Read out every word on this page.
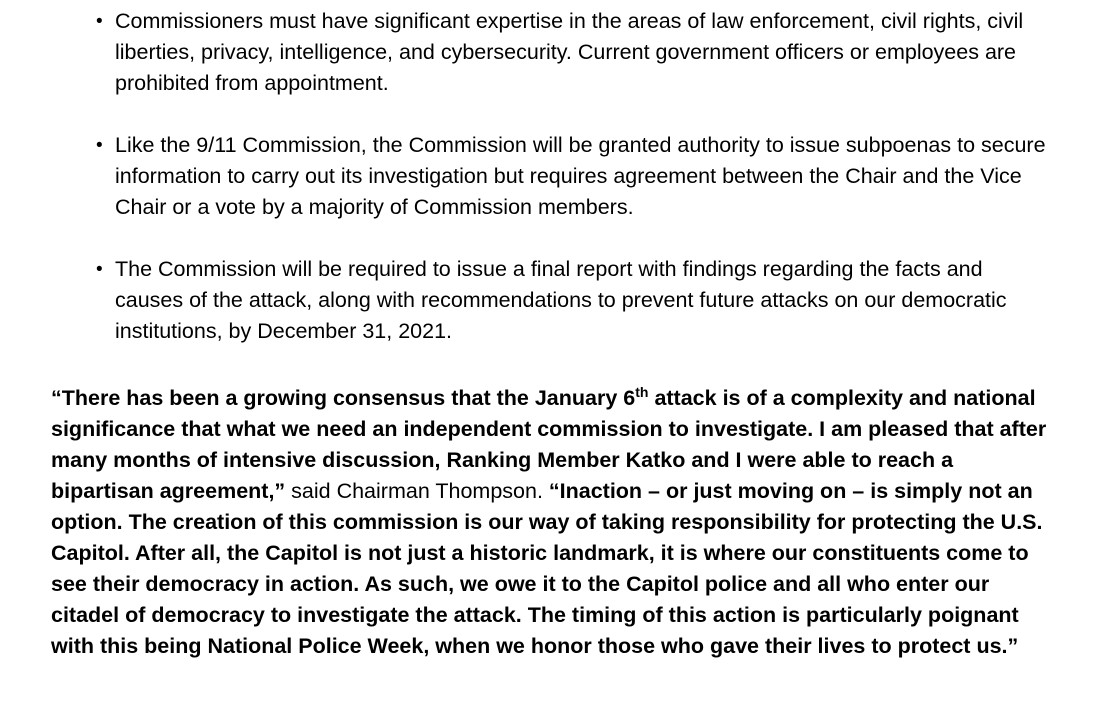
• Commissioners must have significant expertise in the areas of law enforcement, civil rights, civil liberties, privacy, intelligence, and cybersecurity. Current government officers or employees are prohibited from appointment.
• Like the 9/11 Commission, the Commission will be granted authority to issue subpoenas to secure information to carry out its investigation but requires agreement between the Chair and the Vice Chair or a vote by a majority of Commission members.
• The Commission will be required to issue a final report with findings regarding the facts and causes of the attack, along with recommendations to prevent future attacks on our democratic institutions, by December 31, 2021.

“There has been a growing consensus that the January 6th attack is of a complexity and national significance that what we need an independent commission to investigate. I am pleased that after many months of intensive discussion, Ranking Member Katko and I were able to reach a bipartisan agreement,” said Chairman Thompson. “Inaction – or just moving on – is simply not an option. The creation of this commission is our way of taking responsibility for protecting the U.S. Capitol. After all, the Capitol is not just a historic landmark, it is where our constituents come to see their democracy in action. As such, we owe it to the Capitol police and all who enter our citadel of democracy to investigate the attack. The timing of this action is particularly poignant with this being National Police Week, when we honor those who gave their lives to protect us.”
